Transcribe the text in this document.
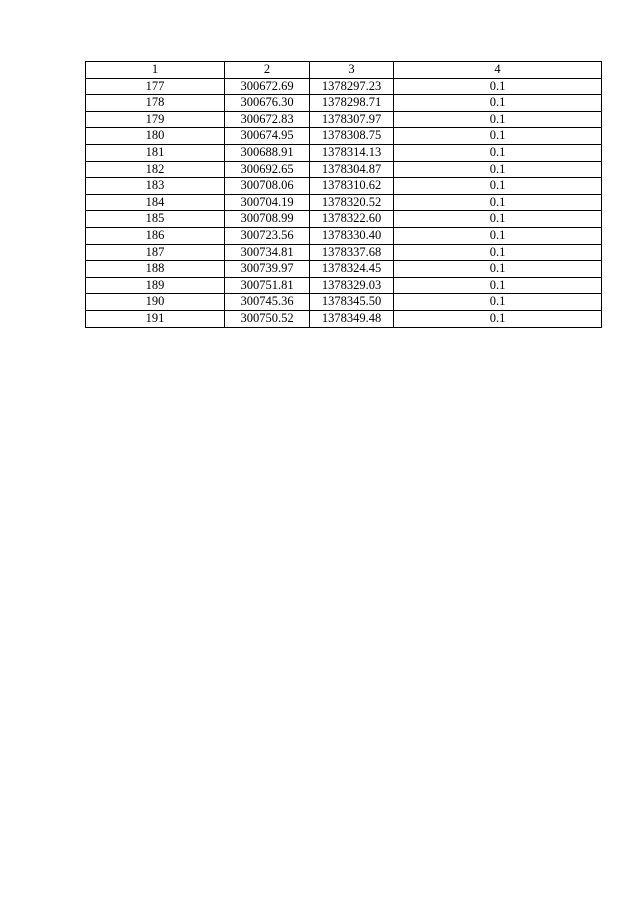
1	2	3	4
177	300672.69	1378297.23	0.1
178	300676.30	1378298.71	0.1
179	300672.83	1378307.97	0.1
180	300674.95	1378308.75	0.1
181	300688.91	1378314.13	0.1
182	300692.65	1378304.87	0.1
183	300708.06	1378310.62	0.1
184	300704.19	1378320.52	0.1
185	300708.99	1378322.60	0.1
186	300723.56	1378330.40	0.1
187	300734.81	1378337.68	0.1
188	300739.97	1378324.45	0.1
189	300751.81	1378329.03	0.1
190	300745.36	1378345.50	0.1
191	300750.52	1378349.48	0.1
